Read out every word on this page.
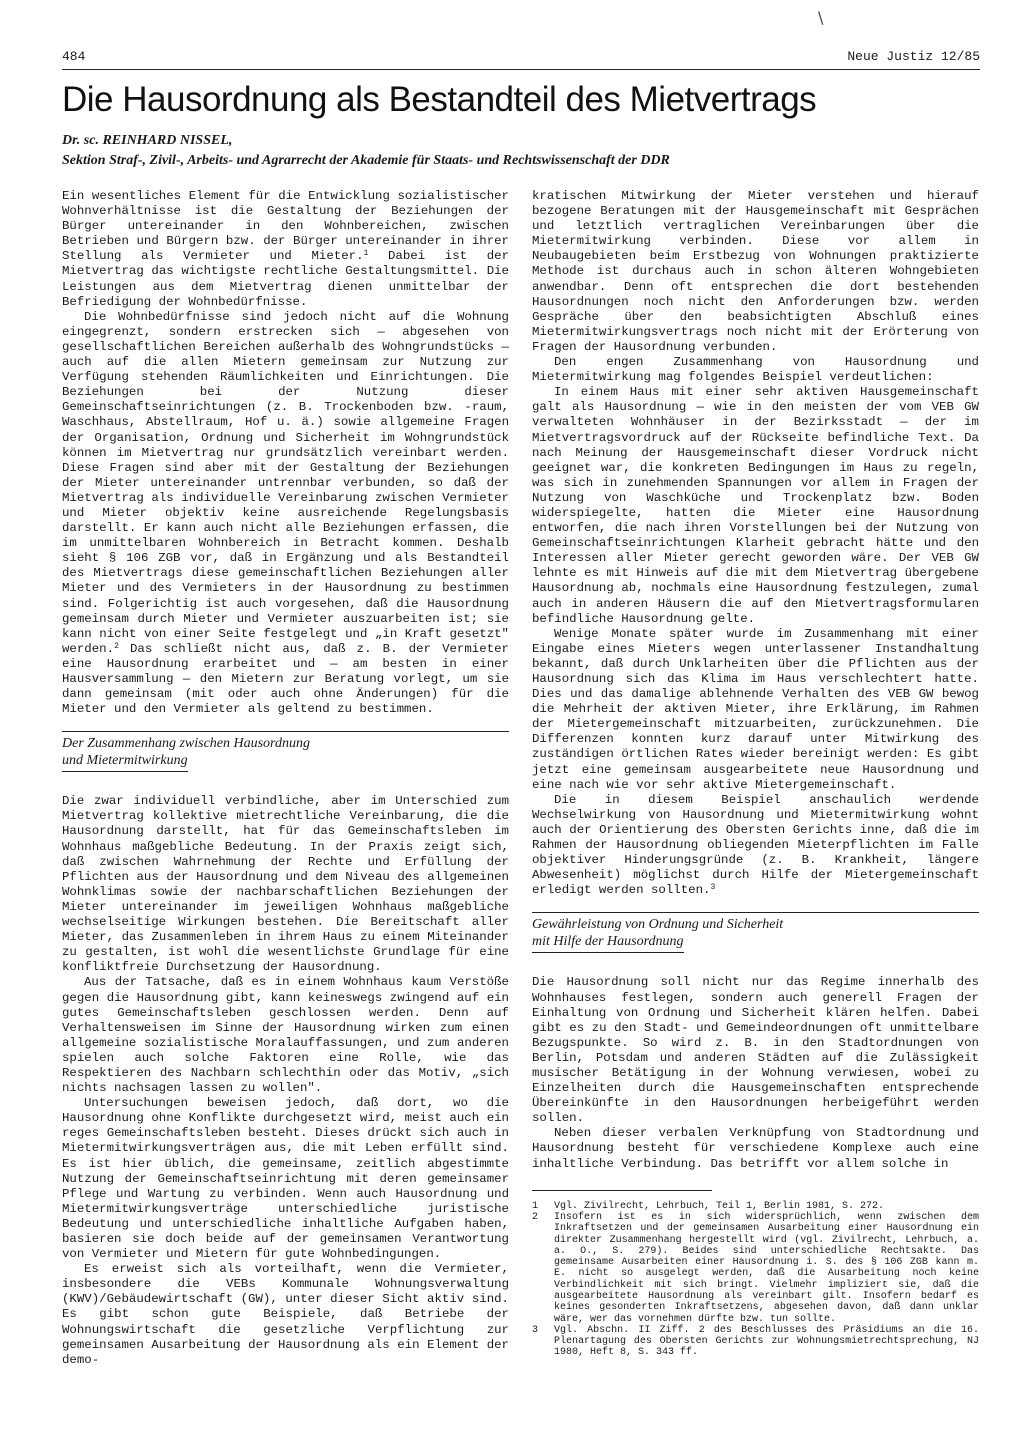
\
484	Neue Justiz 12/85
Die Hausordnung als Bestandteil des Mietvertrags
Dr. sc. REINHARD NISSEL,
Sektion Straf-, Zivil-, Arbeits- und Agrarrecht der Akademie für Staats- und Rechtswissenschaft der DDR

Ein wesentliches Element für die Entwicklung sozialistischer Wohnverhältnisse ist die Gestaltung der Beziehungen der Bürger untereinander in den Wohnbereichen, zwischen Betrieben und Bürgern bzw. der Bürger untereinander in ihrer Stellung als Vermieter und Mieter.$^1$ Dabei ist der Mietvertrag das wichtigste rechtliche Gestaltungsmittel. Die Leistungen aus dem Mietvertrag dienen unmittelbar der Befriedigung der Wohnbedürfnisse.

Die Wohnbedürfnisse sind jedoch nicht auf die Wohnung eingegrenzt, sondern erstrecken sich — abgesehen von gesellschaftlichen Bereichen außerhalb des Wohngrundstücks — auch auf die allen Mietern gemeinsam zur Nutzung zur Verfügung stehenden Räumlichkeiten und Einrichtungen. Die Beziehungen bei der Nutzung dieser Gemeinschaftseinrichtungen (z. B. Trockenboden bzw. -raum, Waschhaus, Abstellraum, Hof u. ä.) sowie allgemeine Fragen der Organisation, Ordnung und Sicherheit im Wohngrundstück können im Mietvertrag nur grundsätzlich vereinbart werden. Diese Fragen sind aber mit der Gestaltung der Beziehungen der Mieter untereinander untrennbar verbunden, so daß der Mietvertrag als individuelle Vereinbarung zwischen Vermieter und Mieter objektiv keine ausreichende Regelungsbasis darstellt. Er kann auch nicht alle Beziehungen erfassen, die im unmittelbaren Wohnbereich in Betracht kommen. Deshalb sieht § 106 ZGB vor, daß in Ergänzung und als Bestandteil des Mietvertrags diese gemeinschaftlichen Beziehungen aller Mieter und des Vermieters in der Hausordnung zu bestimmen sind. Folgerichtig ist auch vorgesehen, daß die Hausordnung gemeinsam durch Mieter und Vermieter auszuarbeiten ist; sie kann nicht von einer Seite festgelegt und „in Kraft gesetzt" werden.$^2$ Das schließt nicht aus, daß z. B. der Vermieter eine Hausordnung erarbeitet und — am besten in einer Hausversammlung — den Mietern zur Beratung vorlegt, um sie dann gemeinsam (mit oder auch ohne Änderungen) für die Mieter und den Vermieter als geltend zu bestimmen.

Der Zusammenhang zwischen Hausordnung
und Mietermitwirkung

Die zwar individuell verbindliche, aber im Unterschied zum Mietvertrag kollektive mietrechtliche Vereinbarung, die die Hausordnung darstellt, hat für das Gemeinschaftsleben im Wohnhaus maßgebliche Bedeutung. In der Praxis zeigt sich, daß zwischen Wahrnehmung der Rechte und Erfüllung der Pflichten aus der Hausordnung und dem Niveau des allgemeinen Wohnklimas sowie der nachbarschaftlichen Beziehungen der Mieter untereinander im jeweiligen Wohnhaus maßgebliche wechselseitige Wirkungen bestehen. Die Bereitschaft aller Mieter, das Zusammenleben in ihrem Haus zu einem Miteinander zu gestalten, ist wohl die wesentlichste Grundlage für eine konfliktfreie Durchsetzung der Hausordnung.

Aus der Tatsache, daß es in einem Wohnhaus kaum Verstöße gegen die Hausordnung gibt, kann keineswegs zwingend auf ein gutes Gemeinschaftsleben geschlossen werden. Denn auf Verhaltensweisen im Sinne der Hausordnung wirken zum einen allgemeine sozialistische Moralauffassungen, und zum anderen spielen auch solche Faktoren eine Rolle, wie das Respektieren des Nachbarn schlechthin oder das Motiv, „sich nichts nachsagen lassen zu wollen".

Untersuchungen beweisen jedoch, daß dort, wo die Hausordnung ohne Konflikte durchgesetzt wird, meist auch ein reges Gemeinschaftsleben besteht. Dieses drückt sich auch in Mietermitwirkungsverträgen aus, die mit Leben erfüllt sind. Es ist hier üblich, die gemeinsame, zeitlich abgestimmte Nutzung der Gemeinschaftseinrichtung mit deren gemeinsamer Pflege und Wartung zu verbinden. Wenn auch Hausordnung und Mietermitwirkungsverträge unterschiedliche juristische Bedeutung und unterschiedliche inhaltliche Aufgaben haben, basieren sie doch beide auf der gemeinsamen Verantwortung von Vermieter und Mietern für gute Wohnbedingungen.

Es erweist sich als vorteilhaft, wenn die Vermieter, insbesondere die VEBs Kommunale Wohnungsverwaltung (KWV)/Gebäudewirtschaft (GW), unter dieser Sicht aktiv sind. Es gibt schon gute Beispiele, daß Betriebe der Wohnungswirtschaft die gesetzliche Verpflichtung zur gemeinsamen Ausarbeitung der Hausordnung als ein Element der demo-

kratischen Mitwirkung der Mieter verstehen und hierauf bezogene Beratungen mit der Hausgemeinschaft mit Gesprächen und letztlich vertraglichen Vereinbarungen über die Mietermitwirkung verbinden. Diese vor allem in Neubaugebieten beim Erstbezug von Wohnungen praktizierte Methode ist durchaus auch in schon älteren Wohngebieten anwendbar. Denn oft entsprechen die dort bestehenden Hausordnungen noch nicht den Anforderungen bzw. werden Gespräche über den beabsichtigten Abschluß eines Mietermitwirkungsvertrags noch nicht mit der Erörterung von Fragen der Hausordnung verbunden.

Den engen Zusammenhang von Hausordnung und Mietermitwirkung mag folgendes Beispiel verdeutlichen:

In einem Haus mit einer sehr aktiven Hausgemeinschaft galt als Hausordnung — wie in den meisten der vom VEB GW verwalteten Wohnhäuser in der Bezirksstadt — der im Mietvertragsvordruck auf der Rückseite befindliche Text. Da nach Meinung der Hausgemeinschaft dieser Vordruck nicht geeignet war, die konkreten Bedingungen im Haus zu regeln, was sich in zunehmenden Spannungen vor allem in Fragen der Nutzung von Waschküche und Trockenplatz bzw. Boden widerspiegelte, hatten die Mieter eine Hausordnung entworfen, die nach ihren Vorstellungen bei der Nutzung von Gemeinschaftseinrichtungen Klarheit gebracht hätte und den Interessen aller Mieter gerecht geworden wäre. Der VEB GW lehnte es mit Hinweis auf die mit dem Mietvertrag übergebene Hausordnung ab, nochmals eine Hausordnung festzulegen, zumal auch in anderen Häusern die auf den Mietvertragsformularen befindliche Hausordnung gelte.

Wenige Monate später wurde im Zusammenhang mit einer Eingabe eines Mieters wegen unterlassener Instandhaltung bekannt, daß durch Unklarheiten über die Pflichten aus der Hausordnung sich das Klima im Haus verschlechtert hatte. Dies und das damalige ablehnende Verhalten des VEB GW bewog die Mehrheit der aktiven Mieter, ihre Erklärung, im Rahmen der Mietergemeinschaft mitzuarbeiten, zurückzunehmen. Die Differenzen konnten kurz darauf unter Mitwirkung des zuständigen örtlichen Rates wieder bereinigt werden: Es gibt jetzt eine gemeinsam ausgearbeitete neue Hausordnung und eine nach wie vor sehr aktive Mietergemeinschaft.

Die in diesem Beispiel anschaulich werdende Wechselwirkung von Hausordnung und Mietermitwirkung wohnt auch der Orientierung des Obersten Gerichts inne, daß die im Rahmen der Hausordnung obliegenden Mieterpflichten im Falle objektiver Hinderungsgründe (z. B. Krankheit, längere Abwesenheit) möglichst durch Hilfe der Mietergemeinschaft erledigt werden sollten.$^3$

Gewährleistung von Ordnung und Sicherheit
mit Hilfe der Hausordnung

Die Hausordnung soll nicht nur das Regime innerhalb des Wohnhauses festlegen, sondern auch generell Fragen der Einhaltung von Ordnung und Sicherheit klären helfen. Dabei gibt es zu den Stadt- und Gemeindeordnungen oft unmittelbare Bezugspunkte. So wird z. B. in den Stadtordnungen von Berlin, Potsdam und anderen Städten auf die Zulässigkeit musischer Betätigung in der Wohnung verwiesen, wobei zu Einzelheiten durch die Hausgemeinschaften entsprechende Übereinkünfte in den Hausordnungen herbeigeführt werden sollen.

Neben dieser verbalen Verknüpfung von Stadtordnung und Hausordnung besteht für verschiedene Komplexe auch eine inhaltliche Verbindung. Das betrifft vor allem solche in

1	Vgl. Zivilrecht, Lehrbuch, Teil 1, Berlin 1981, S. 272.
2	Insofern ist es in sich widersprüchlich, wenn zwischen dem Inkraftsetzen und der gemeinsamen Ausarbeitung einer Hausordnung ein direkter Zusammenhang hergestellt wird (vgl. Zivilrecht, Lehrbuch, a. a. O., S. 279). Beides sind unterschiedliche Rechtsakte. Das gemeinsame Ausarbeiten einer Hausordnung i. S. des § 106 ZGB kann m. E. nicht so ausgelegt werden, daß die Ausarbeitung noch keine Verbindlichkeit mit sich bringt. Vielmehr impliziert sie, daß die ausgearbeitete Hausordnung als vereinbart gilt. Insofern bedarf es keines gesonderten Inkraftsetzens, abgesehen davon, daß dann unklar wäre, wer das vornehmen dürfte bzw. tun sollte.
3	Vgl. Abschn. II Ziff. 2 des Beschlusses des Präsidiums an die 16. Plenartagung des Obersten Gerichts zur Wohnungsmietrechtsprechung, NJ 1980, Heft 8, S. 343 ff.
